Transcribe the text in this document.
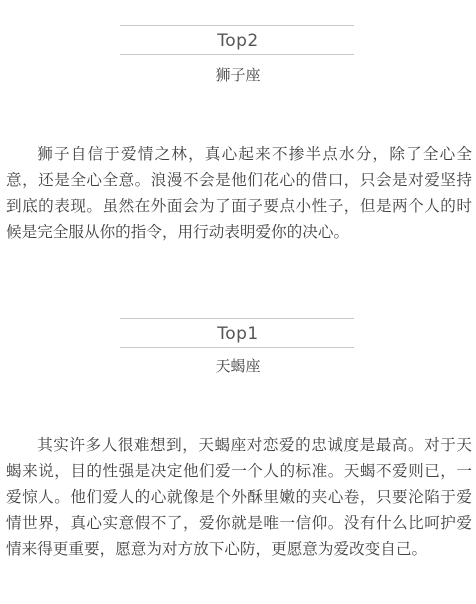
Top2
狮子座

狮子自信于爱情之林，真心起来不掺半点水分，除了全心全意，还是全心全意。浪漫不会是他们花心的借口，只会是对爱坚持到底的表现。虽然在外面会为了面子要点小性子，但是两个人的时候是完全服从你的指令，用行动表明爱你的决心。

Top1
天蝎座

其实许多人很难想到，天蝎座对恋爱的忠诚度是最高。对于天蝎来说，目的性强是决定他们爱一个人的标准。天蝎不爱则已，一爱惊人。他们爱人的心就像是个外酥里嫩的夹心卷，只要沦陷于爱情世界，真心实意假不了，爱你就是唯一信仰。没有什么比呵护爱情来得更重要，愿意为对方放下心防，更愿意为爱改变自己。
